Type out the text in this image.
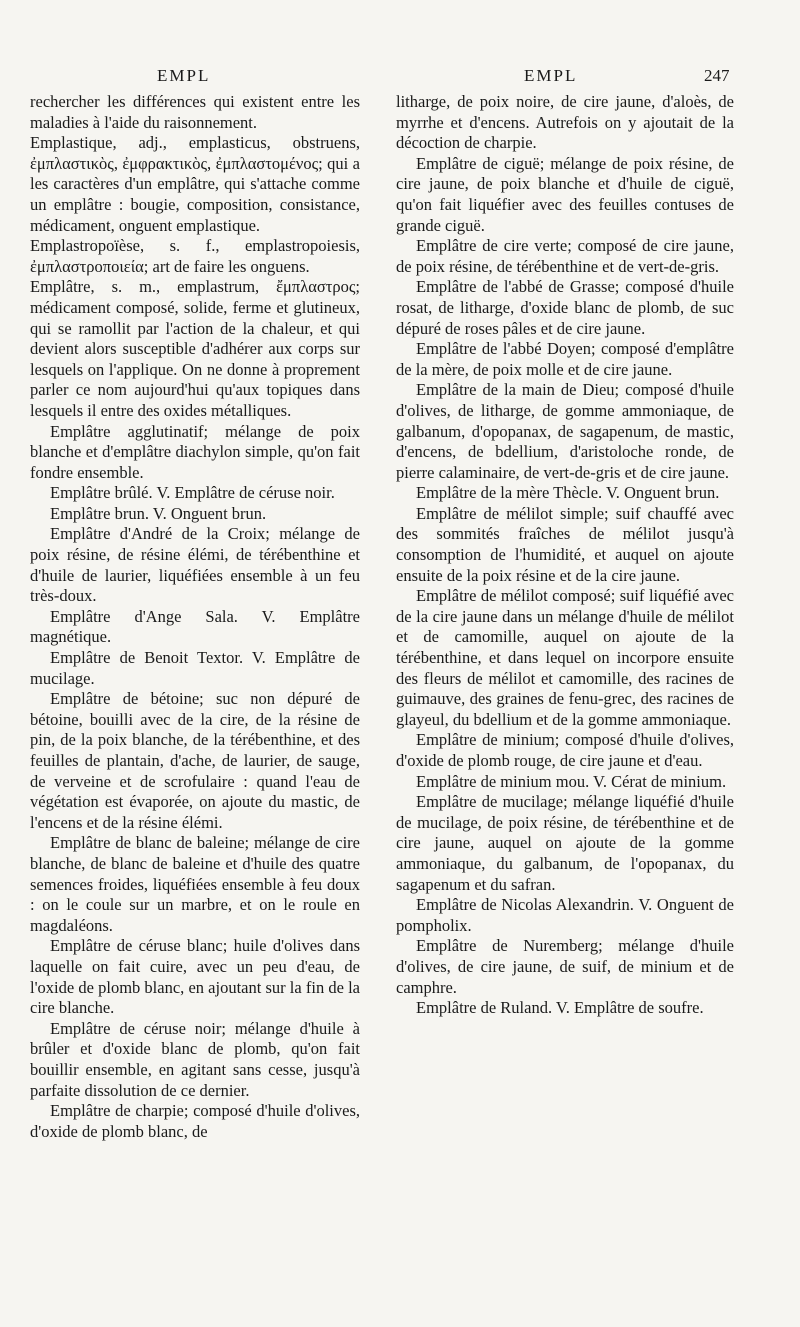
EMPL	EMPL	247

rechercher les différences qui existent entre les maladies à l'aide du raisonnement.

Emplastique, adj., emplasticus, obstruens, ἐμπλαστικὸς, ἐμφρακτικὸς, ἐμπλαστομένος; qui a les caractères d'un emplâtre, qui s'attache comme un emplâtre : bougie, composition, consistance, médicament, onguent emplastique.

Emplastropoïèse, s. f., emplastropoiesis, ἐμπλαστροποιεία; art de faire les onguens.

Emplâtre, s. m., emplastrum, ἔμπλαστρος; médicament composé, solide, ferme et glutineux, qui se ramollit par l'action de la chaleur, et qui devient alors susceptible d'adhérer aux corps sur lesquels on l'applique. On ne donne à proprement parler ce nom aujourd'hui qu'aux topiques dans lesquels il entre des oxides métalliques.

Emplâtre agglutinatif; mélange de poix blanche et d'emplâtre diachylon simple, qu'on fait fondre ensemble.

Emplâtre brûlé. V. Emplâtre de céruse noir.

Emplâtre brun. V. Onguent brun.

Emplâtre d'André de la Croix; mélange de poix résine, de résine élémi, de térébenthine et d'huile de laurier, liquéfiées ensemble à un feu très-doux.

Emplâtre d'Ange Sala. V. Emplâtre magnétique.

Emplâtre de Benoit Textor. V. Emplâtre de mucilage.

Emplâtre de bétoine; suc non dépuré de bétoine, bouilli avec de la cire, de la résine de pin, de la poix blanche, de la térébenthine, et des feuilles de plantain, d'ache, de laurier, de sauge, de verveine et de scrofulaire : quand l'eau de végétation est évaporée, on ajoute du mastic, de l'encens et de la résine élémi.

Emplâtre de blanc de baleine; mélange de cire blanche, de blanc de baleine et d'huile des quatre semences froides, liquéfiées ensemble à feu doux : on le coule sur un marbre, et on le roule en magdaléons.

Emplâtre de céruse blanc; huile d'olives dans laquelle on fait cuire, avec un peu d'eau, de l'oxide de plomb blanc, en ajoutant sur la fin de la cire blanche.

Emplâtre de céruse noir; mélange d'huile à brûler et d'oxide blanc de plomb, qu'on fait bouillir ensemble, en agitant sans cesse, jusqu'à parfaite dissolution de ce dernier.

Emplâtre de charpie; composé d'huile d'olives, d'oxide de plomb blanc, de

litharge, de poix noire, de cire jaune, d'aloès, de myrrhe et d'encens. Autrefois on y ajoutait de la décoction de charpie.

Emplâtre de ciguë; mélange de poix résine, de cire jaune, de poix blanche et d'huile de ciguë, qu'on fait liquéfier avec des feuilles contuses de grande ciguë.

Emplâtre de cire verte; composé de cire jaune, de poix résine, de térébenthine et de vert-de-gris.

Emplâtre de l'abbé de Grasse; composé d'huile rosat, de litharge, d'oxide blanc de plomb, de suc dépuré de roses pâles et de cire jaune.

Emplâtre de l'abbé Doyen; composé d'emplâtre de la mère, de poix molle et de cire jaune.

Emplâtre de la main de Dieu; composé d'huile d'olives, de litharge, de gomme ammoniaque, de galbanum, d'opopanax, de sagapenum, de mastic, d'encens, de bdellium, d'aristoloche ronde, de pierre calaminaire, de vert-de-gris et de cire jaune.

Emplâtre de la mère Thècle. V. Onguent brun.

Emplâtre de mélilot simple; suif chauffé avec des sommités fraîches de mélilot jusqu'à consomption de l'humidité, et auquel on ajoute ensuite de la poix résine et de la cire jaune.

Emplâtre de mélilot composé; suif liquéfié avec de la cire jaune dans un mélange d'huile de mélilot et de camomille, auquel on ajoute de la térébenthine, et dans lequel on incorpore ensuite des fleurs de mélilot et camomille, des racines de guimauve, des graines de fenu-grec, des racines de glayeul, du bdellium et de la gomme ammoniaque.

Emplâtre de minium; composé d'huile d'olives, d'oxide de plomb rouge, de cire jaune et d'eau.

Emplâtre de minium mou. V. Cérat de minium.

Emplâtre de mucilage; mélange liquéfié d'huile de mucilage, de poix résine, de térébenthine et de cire jaune, auquel on ajoute de la gomme ammoniaque, du galbanum, de l'opopanax, du sagapenum et du safran.

Emplâtre de Nicolas Alexandrin. V. Onguent de pompholix.

Emplâtre de Nuremberg; mélange d'huile d'olives, de cire jaune, de suif, de minium et de camphre.

Emplâtre de Ruland. V. Emplâtre de soufre.
